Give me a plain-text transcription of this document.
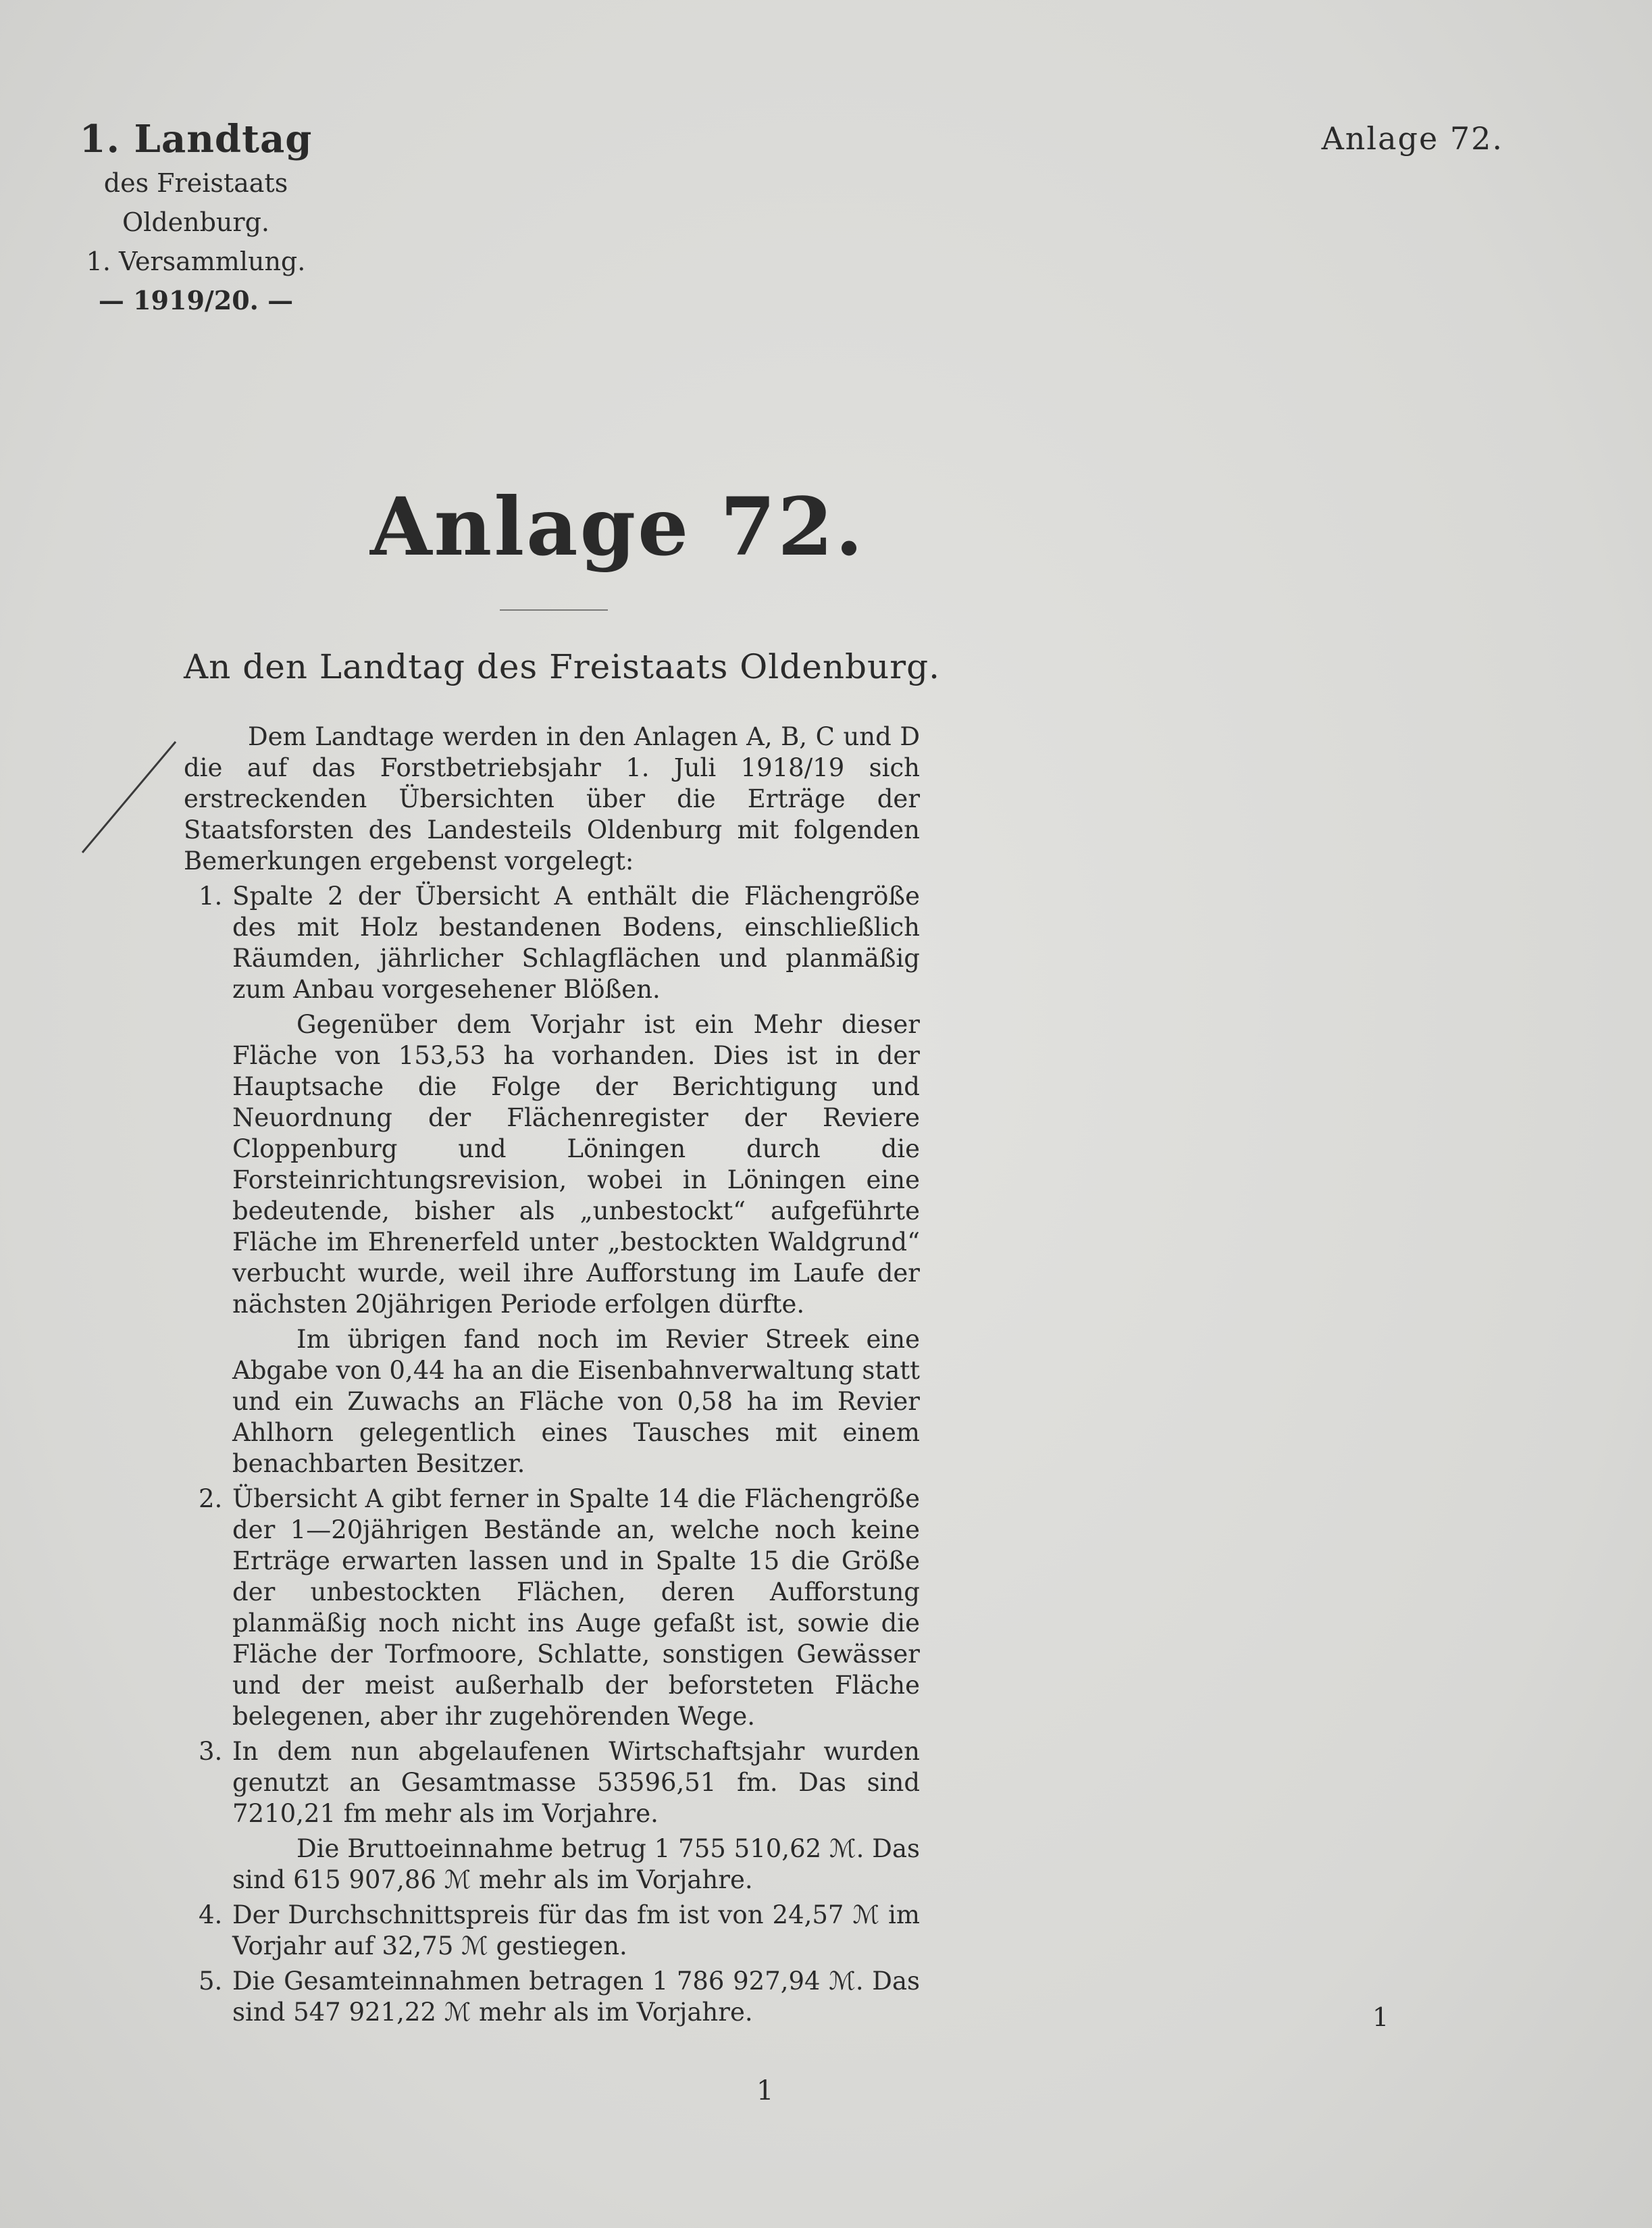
1. Landtag
des Freistaats Oldenburg.
1. Versammlung.
— 1919/20. —
Anlage 72.
Anlage 72.
An den Landtag des Freistaats Oldenburg.
Dem Landtage werden in den Anlagen A, B, C und D die auf das Forstbetriebsjahr 1. Juli 1918/19 sich erstreckenden Übersichten über die Erträge der Staatsforsten des Landesteils Oldenburg mit folgenden Bemerkungen ergebenst vorgelegt:
1. Spalte 2 der Übersicht A enthält die Flächengröße des mit Holz bestandenen Bodens, einschließlich Räumden, jährlicher Schlagflächen und planmäßig zum Anbau vorgesehener Blößen.
Gegenüber dem Vorjahr ist ein Mehr dieser Fläche von 153,53 ha vorhanden. Dies ist in der Hauptsache die Folge der Berichtigung und Neuordnung der Flächenregister der Reviere Cloppenburg und Löningen durch die Forsteinrichtungsrevision, wobei in Löningen eine bedeutende, bisher als „unbestockt“ aufgeführte Fläche im Ehrenerfeld unter „bestockten Waldgrund“ verbucht wurde, weil ihre Aufforstung im Laufe der nächsten 20jährigen Periode erfolgen dürfte.
Im übrigen fand noch im Revier Streek eine Abgabe von 0,44 ha an die Eisenbahnverwaltung statt und ein Zuwachs an Fläche von 0,58 ha im Revier Ahlhorn gelegentlich eines Tausches mit einem benachbarten Besitzer.
2. Übersicht A gibt ferner in Spalte 14 die Flächengröße der 1—20jährigen Bestände an, welche noch keine Erträge erwarten lassen und in Spalte 15 die Größe der unbestockten Flächen, deren Aufforstung planmäßig noch nicht ins Auge gefaßt ist, sowie die Fläche der Torfmoore, Schlatte, sonstigen Gewässer und der meist außerhalb der beforsteten Fläche belegenen, aber ihr zugehörenden Wege.
3. In dem nun abgelaufenen Wirtschaftsjahr wurden genutzt an Gesamtmasse 53596,51 fm. Das sind 7210,21 fm mehr als im Vorjahre.
Die Bruttoeinnahme betrug 1 755 510,62 ℳ. Das sind 615 907,86 ℳ mehr als im Vorjahre.
4. Der Durchschnittspreis für das fm ist von 24,57 ℳ im Vorjahr auf 32,75 ℳ gestiegen.
5. Die Gesamteinnahmen betragen 1 786 927,94 ℳ. Das sind 547 921,22 ℳ mehr als im Vorjahre.	1
1
